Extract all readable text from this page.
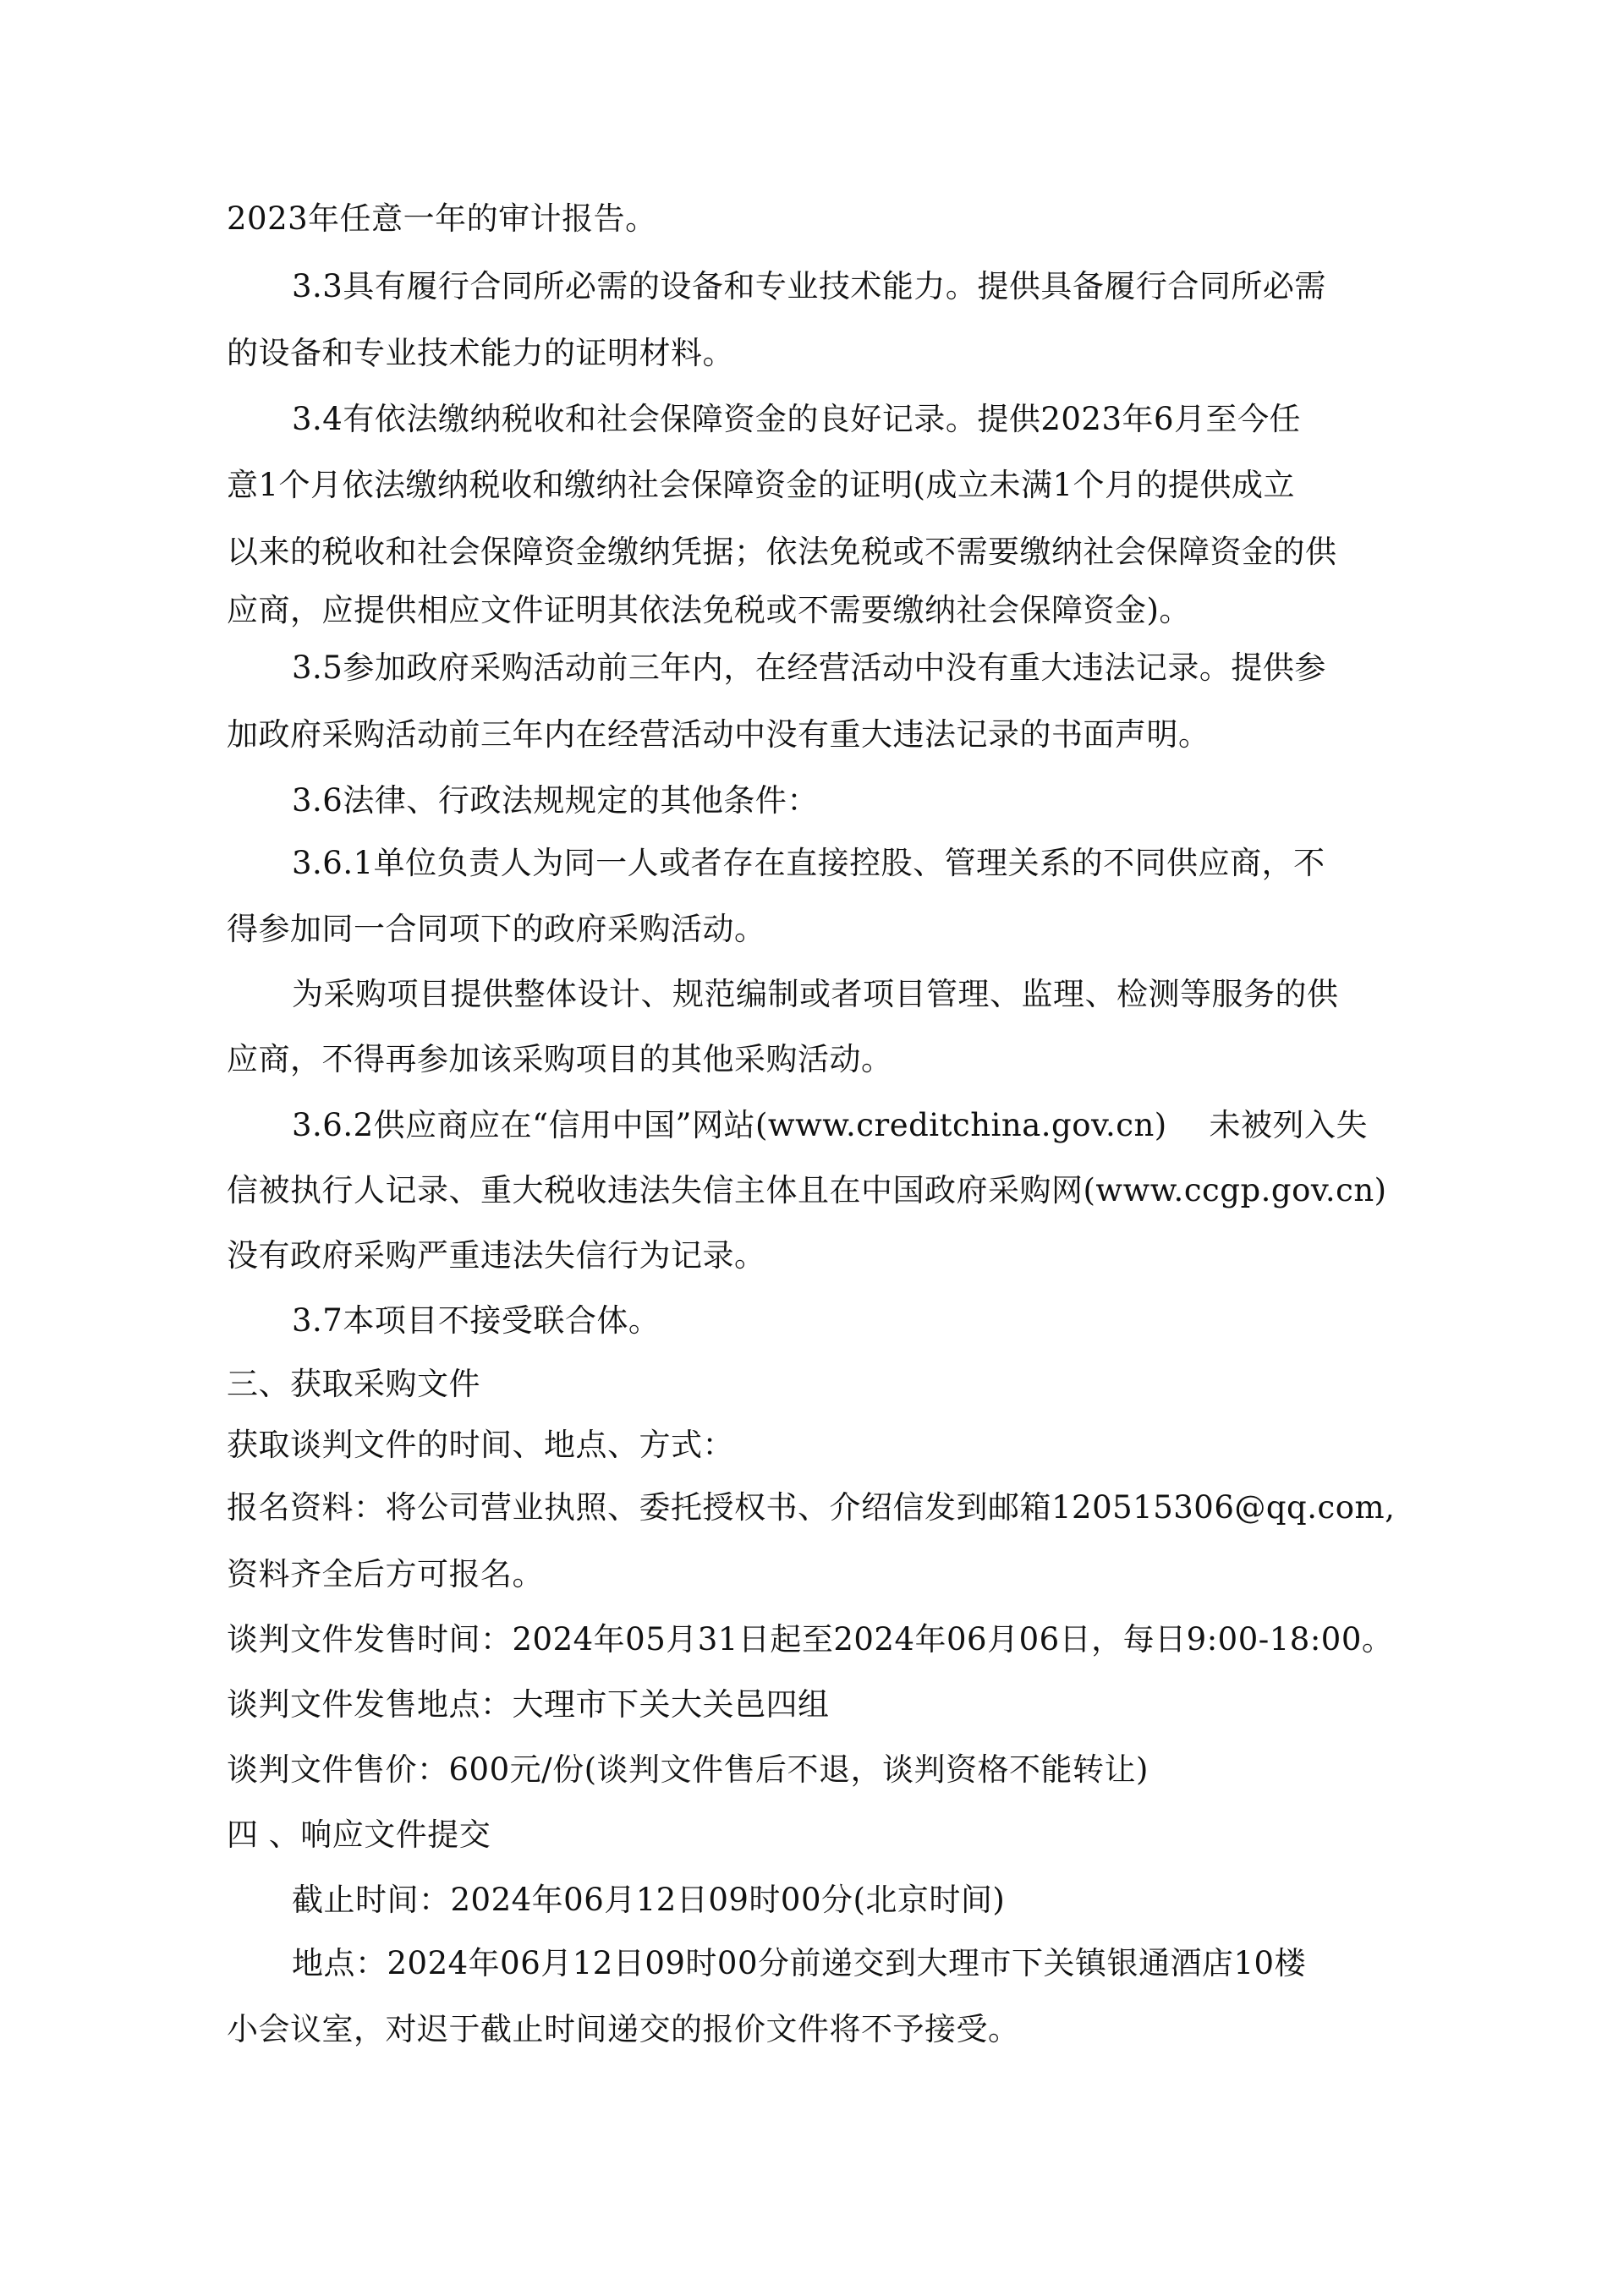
2023年任意一年的审计报告。
3.3具有履行合同所必需的设备和专业技术能力。提供具备履行合同所必需
的设备和专业技术能力的证明材料。
3.4有依法缴纳税收和社会保障资金的良好记录。提供2023年6月至今任
意1个月依法缴纳税收和缴纳社会保障资金的证明(成立未满1个月的提供成立
以来的税收和社会保障资金缴纳凭据；依法免税或不需要缴纳社会保障资金的供
应商，应提供相应文件证明其依法免税或不需要缴纳社会保障资金)。
3.5参加政府采购活动前三年内，在经营活动中没有重大违法记录。提供参
加政府采购活动前三年内在经营活动中没有重大违法记录的书面声明。
3.6法律、行政法规规定的其他条件：
3.6.1单位负责人为同一人或者存在直接控股、管理关系的不同供应商，不
得参加同一合同项下的政府采购活动。
为采购项目提供整体设计、规范编制或者项目管理、监理、检测等服务的供
应商，不得再参加该采购项目的其他采购活动。
3.6.2供应商应在“信用中国”网站(www.creditchina.gov.cn)　 未被列入失
信被执行人记录、重大税收违法失信主体且在中国政府采购网(www.ccgp.gov.cn)
没有政府采购严重违法失信行为记录。
3.7本项目不接受联合体。
三、获取采购文件
获取谈判文件的时间、地点、方式：
报名资料：将公司营业执照、委托授权书、介绍信发到邮箱120515306@qq.com,
资料齐全后方可报名。
谈判文件发售时间：2024年05月31日起至2024年06月06日，每日9:00-18:00。
谈判文件发售地点：大理市下关大关邑四组
谈判文件售价：600元/份(谈判文件售后不退，谈判资格不能转让)
四 、响应文件提交
截止时间：2024年06月12日09时00分(北京时间)
地点：2024年06月12日09时00分前递交到大理市下关镇银通酒店10楼
小会议室，对迟于截止时间递交的报价文件将不予接受。
